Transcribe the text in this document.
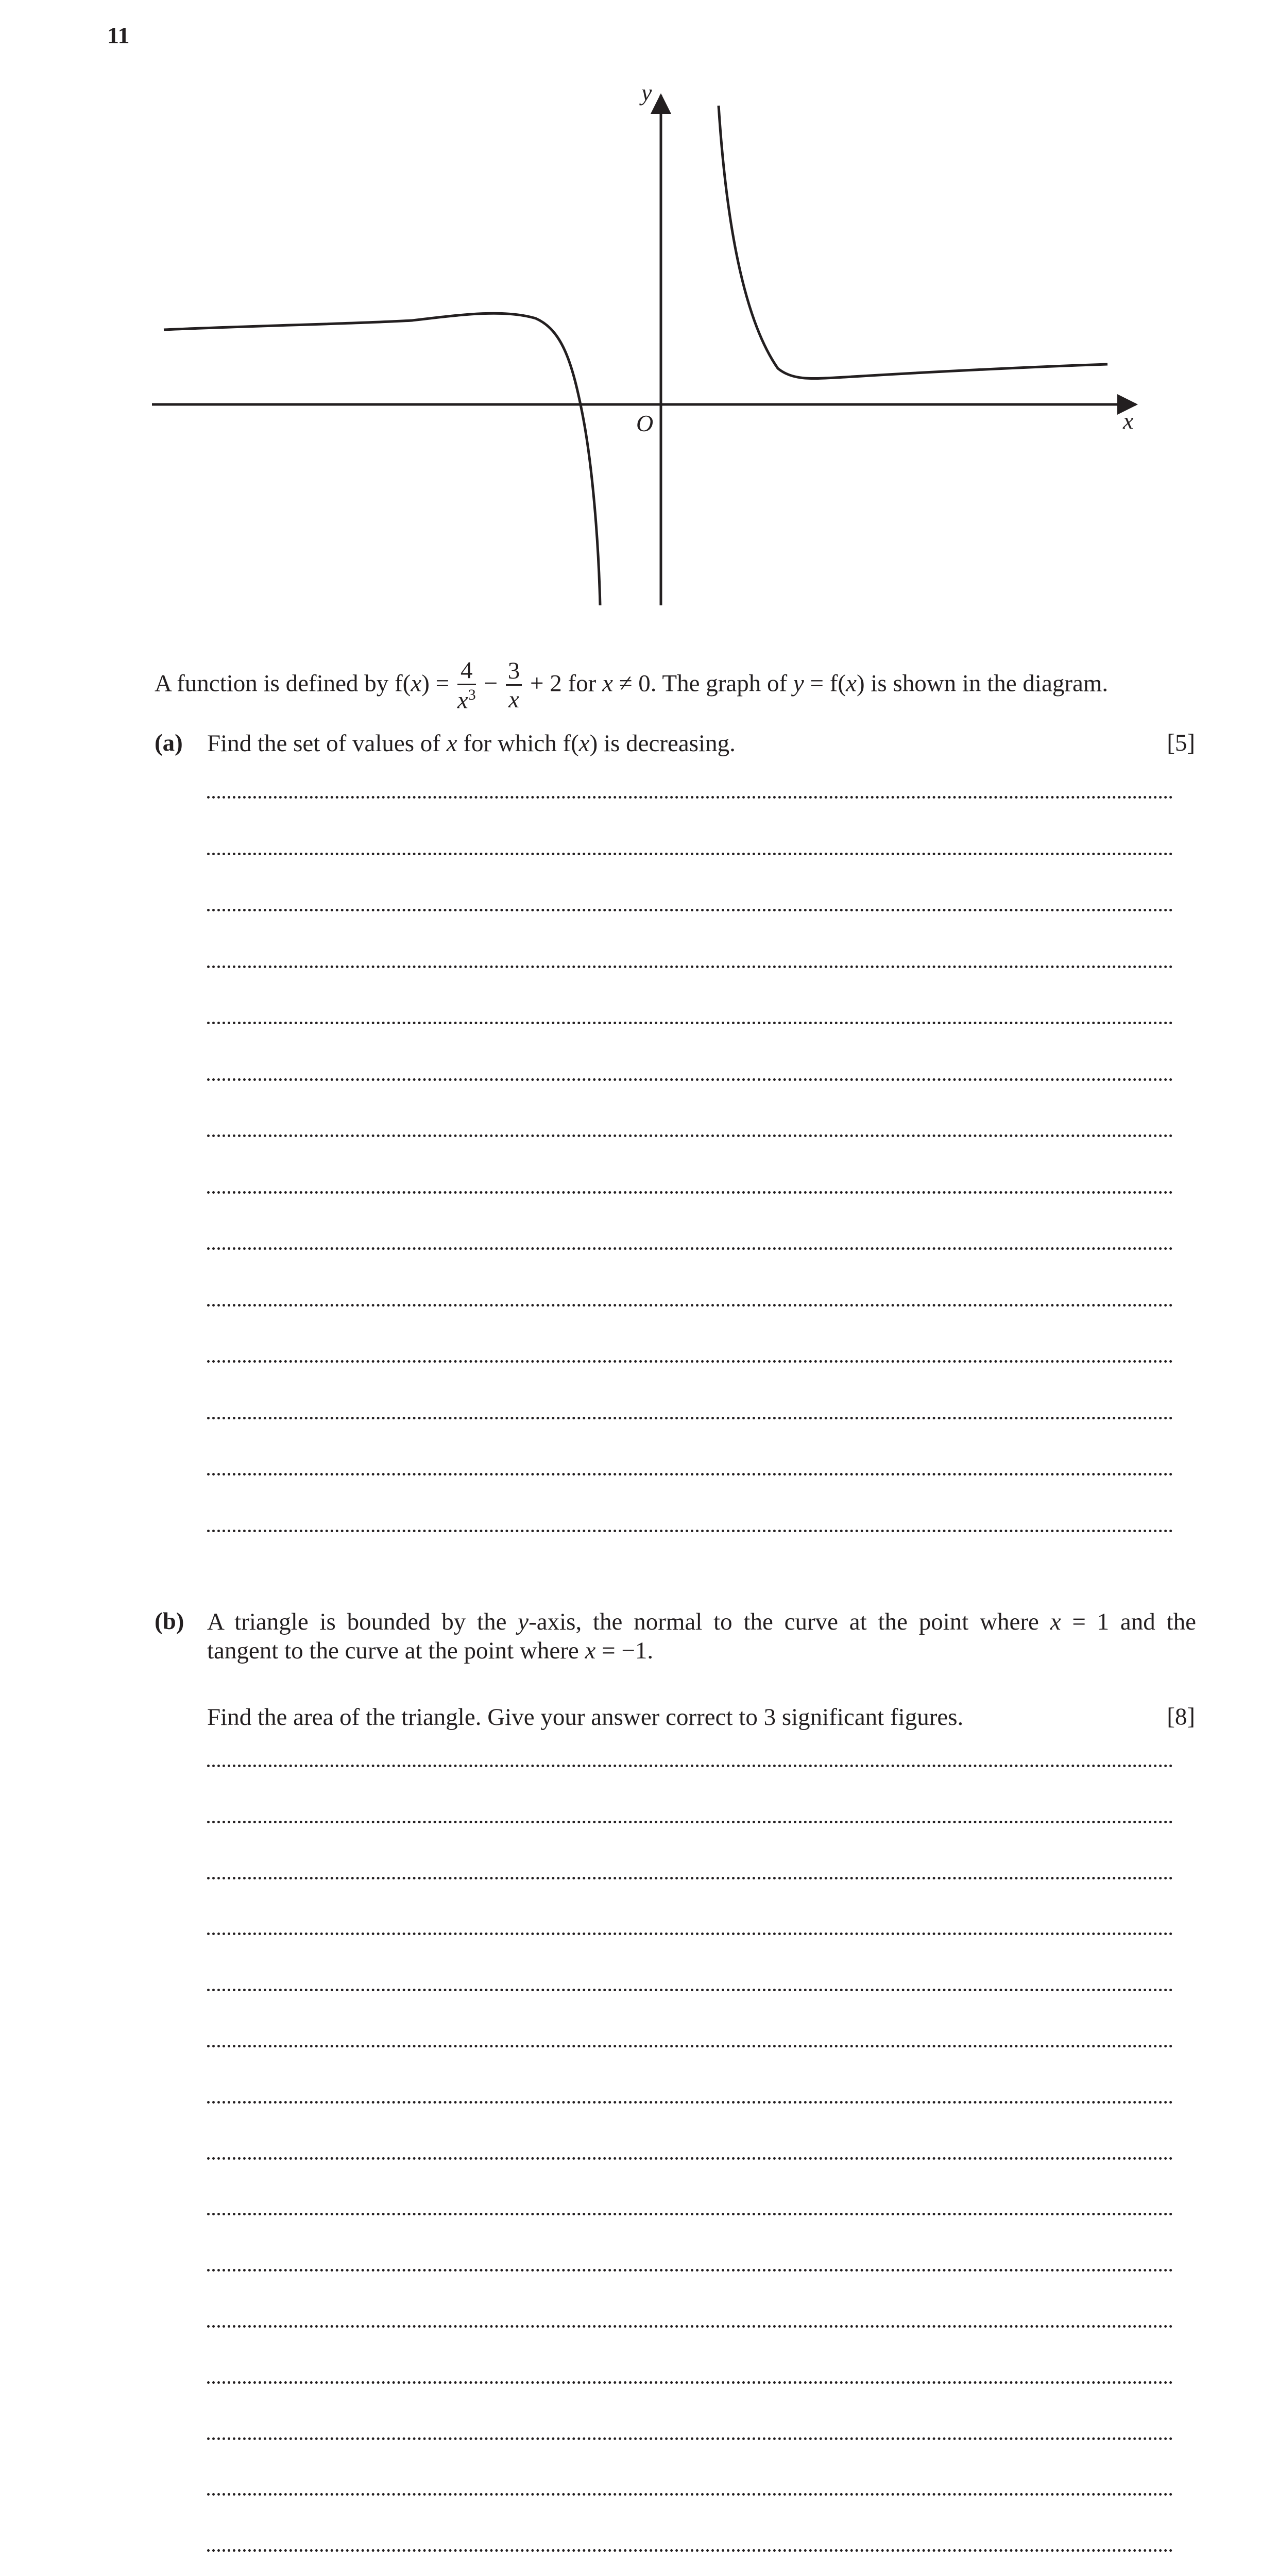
11
y
x
O
A function is defined by $f(x) = \frac{4}{x^3} - \frac{3}{x} + 2$ for x ≠ 0. The graph of y = f(x) is shown in the diagram.
(a) Find the set of values of x for which f(x) is decreasing.	[5]
(b) A triangle is bounded by the y-axis, the normal to the curve at the point where x = 1 and the
tangent to the curve at the point where x = −1.
Find the area of the triangle. Give your answer correct to 3 significant figures.	[8]
